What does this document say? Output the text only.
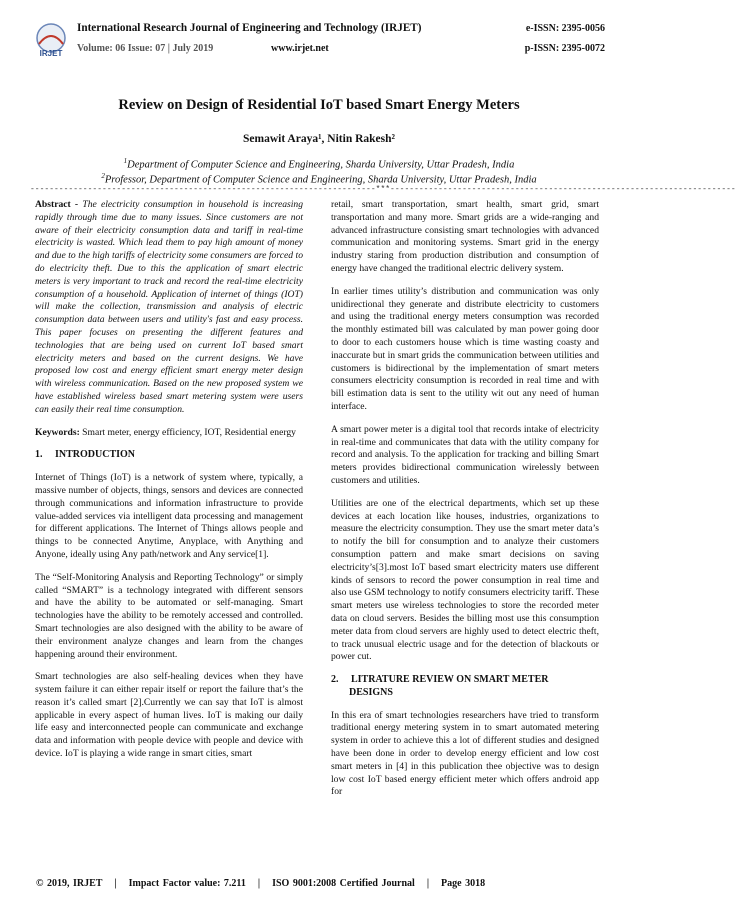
IRJET
International Research Journal of Engineering and Technology (IRJET)	e-ISSN: 2395-0056
Volume: 06 Issue: 07 | July 2019	www.irjet.net	p-ISSN: 2395-0072
Review on Design of Residential IoT based Smart Energy Meters
Semawit Araya¹, Nitin Rakesh²
$^1$Department of Computer Science and Engineering, Sharda University, Uttar Pradesh, India
$^2$Professor, Department of Computer Science and Engineering, Sharda University, Uttar Pradesh, India
------------------------------------------------------------------------***------------------------------------------------------------------------

Abstract - The electricity consumption in household is increasing rapidly through time due to many issues. Since customers are not aware of their electricity consumption data and tariff in real-time electricity is wasted. Which lead them to pay high amount of money and due to the high tariffs of electricity some consumers are forced to do electricity theft. Due to this the application of smart electric meters is very important to track and record the real-time electricity consumption of a household. Application of internet of things (IOT) will make the collection, transmission and analysis of electric consumption data between users and utility's fast and easy process. This paper focuses on presenting the different features and technologies that are being used on current IoT based smart electricity meters and based on the current designs. We have proposed low cost and energy efficient smart energy meter design with wireless communication. Based on the new proposed system we have established wireless based smart metering system were users can easily their real time consumption.

Keywords: Smart meter, energy efficiency, IOT, Residential energy

1. INTRODUCTION

Internet of Things (IoT) is a network of system where, typically, a massive number of objects, things, sensors and devices are connected through communications and information infrastructure to provide value-added services via intelligent data processing and management for different applications. The Internet of Things allows people and things to be connected Anytime, Anyplace, with Anything and Anyone, ideally using Any path/network and Any service[1].

The “Self-Monitoring Analysis and Reporting Technology” or simply called “SMART” is a technology integrated with different sensors and have the ability to be automated or self-managing. Smart technologies have the ability to be remotely accessed and controlled. Smart technologies are also designed with the ability to be aware of their environment analyze changes and learn from the changes happening around their environment.

Smart technologies are also self-healing devices when they have system failure it can either repair itself or report the failure that’s the reason it’s called smart [2].Currently we can say that IoT is almost applicable in every aspect of human lives. IoT is making our daily life easy and interconnected people can communicate and exchange data and information with people device with people and device with device. IoT is playing a wide range in smart cities, smart

retail, smart transportation, smart health, smart grid, smart transportation and many more. Smart grids are a wide-ranging and advanced infrastructure consisting smart technologies with advanced communication and monitoring systems. Smart grid in the energy industry staring from production distribution and consumption of energy have changed the traditional electric delivery system.

In earlier times utility’s distribution and communication was only unidirectional they generate and distribute electricity to customers and using the traditional energy meters consumption was recorded the monthly estimated bill was calculated by man power going door to door to each customers house which is time wasting coasty and inaccurate but in smart grids the communication between utilities and customers is bidirectional by the implementation of smart meters consumers electricity consumption is recorded in real time and with bill estimation data is sent to the utility wit out any need of human interface.

A smart power meter is a digital tool that records intake of electricity in real-time and communicates that data with the utility company for record and analysis. To the application for tracking and billing Smart meters provides bidirectional communication wirelessly between customers and utilities.

Utilities are one of the electrical departments, which set up these devices at each location like houses, industries, organizations to measure the electricity consumption. They use the smart meter data’s to notify the bill for consumption and to analyze their customers consumption pattern and make smart decisions on saving electricity’s[3].most IoT based smart electricity maters use different kinds of sensors to record the power consumption in real time and also use GSM technology to notify consumers electricity tariff. These smart meters use wireless technologies to store the recorded meter data on cloud servers. Besides the billing most use this consumption meter data from cloud servers are highly used to detect electric theft, to track unusual electric usage and for the detection of blackouts or power cut.

2. LITRATURE REVIEW ON SMART METER
DESIGNS

In this era of smart technologies researchers have tried to transform traditional energy metering system in to smart automated metering system in order to achieve this a lot of different studies and designed have been done in order to develop energy efficient and low cost smart meters in [4] in this publication thee objective was to design low cost IoT based energy efficient meter which offers android app for

© 2019, IRJET | Impact Factor value: 7.211 | ISO 9001:2008 Certified Journal | Page 3018
